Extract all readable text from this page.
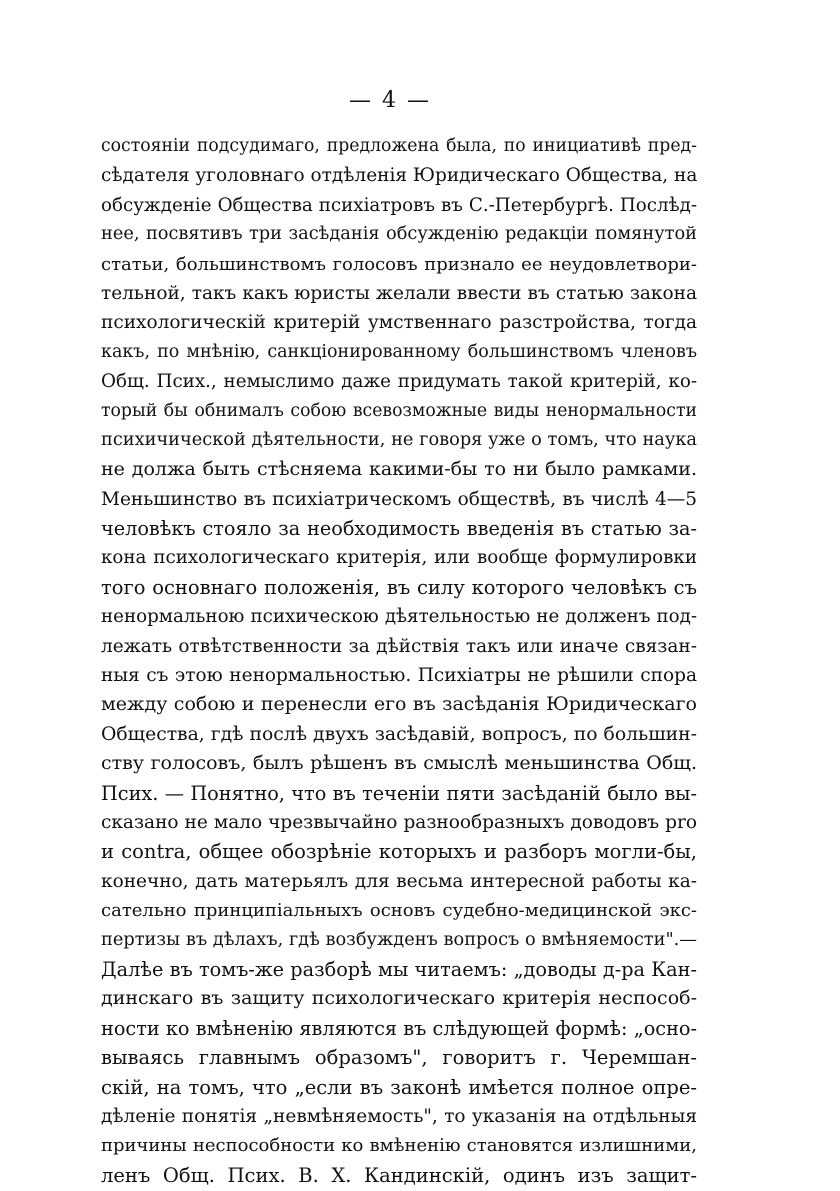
— 4 —
состоянiи подсудимаго, предложена была, по инициативѣ пред-
сѣдателя уголовнаго отдѣленiя Юридическаго Общества, на
обсужденiе Общества психiатровъ въ С.-Петербургѣ. Послѣд-
нее, посвятивъ три засѣданiя обсужденiю редакцiи помянутой
статьи, большинствомъ голосовъ признало ее неудовлетвори-
тельной, такъ какъ юристы желали ввести въ статью закона
психологическiй критерiй умственнаго разстройства, тогда
какъ, по мнѣнiю, санкцiонированному большинствомъ членовъ
Общ. Псих., немыслимо даже придумать такой критерiй, ко-
торый бы обнималъ собою всевозможные виды ненормальности
психичической дѣятельности, не говоря уже о томъ, что наука
не должа быть стѣсняема какими-бы то ни было рамками.
Меньшинство въ психiатрическомъ обществѣ, въ числѣ 4—5
человѣкъ стояло за необходимость введенiя въ статью за-
кона психологическаго критерiя, или вообще формулировки
того основнаго положенiя, въ силу которого человѣкъ съ
ненормальною психическою дѣятельностью не долженъ под-
лежать отвѣтственности за дѣйствiя такъ или иначе связан-
ныя съ этою ненормальностью. Психiатры не рѣшили спора
между собою и перенесли его въ засѣданiя Юридическаго
Общества, гдѣ послѣ двухъ засѣдавiй, вопросъ, по большин-
ству голосовъ, былъ рѣшенъ въ смыслѣ меньшинства Общ.
Псих. — Понятно, что въ теченiи пяти засѣданiй было вы-
сказано не мало чрезвычайно разнообразныхъ доводовъ pro
и contra, общее обозрѣнiе которыхъ и разборъ могли-бы,
конечно, дать матерьялъ для весьма интересной работы ка-
сательно принципiальныхъ основъ судебно-медицинской экс-
пертизы въ дѣлахъ, гдѣ возбужденъ вопросъ о вмѣняемости".—
Далѣе въ томъ-же разборѣ мы читаемъ: „доводы д-ра Кан-
динскаго въ защиту психологическаго критерiя неспособ-
ности ко вмѣненiю являются въ слѣдующей формѣ: „осно-
вываясь главнымъ образомъ", говоритъ г. Черемшан-
скiй, на томъ, что „если въ законѣ имѣется полное опре-
дѣленiе понятiя „невмѣняемость", то указанiя на отдѣльныя
причины неспособности ко вмѣненiю становятся излишними,
ленъ Общ. Псих. В. Х. Кандинскiй, одинъ изъ защит-
